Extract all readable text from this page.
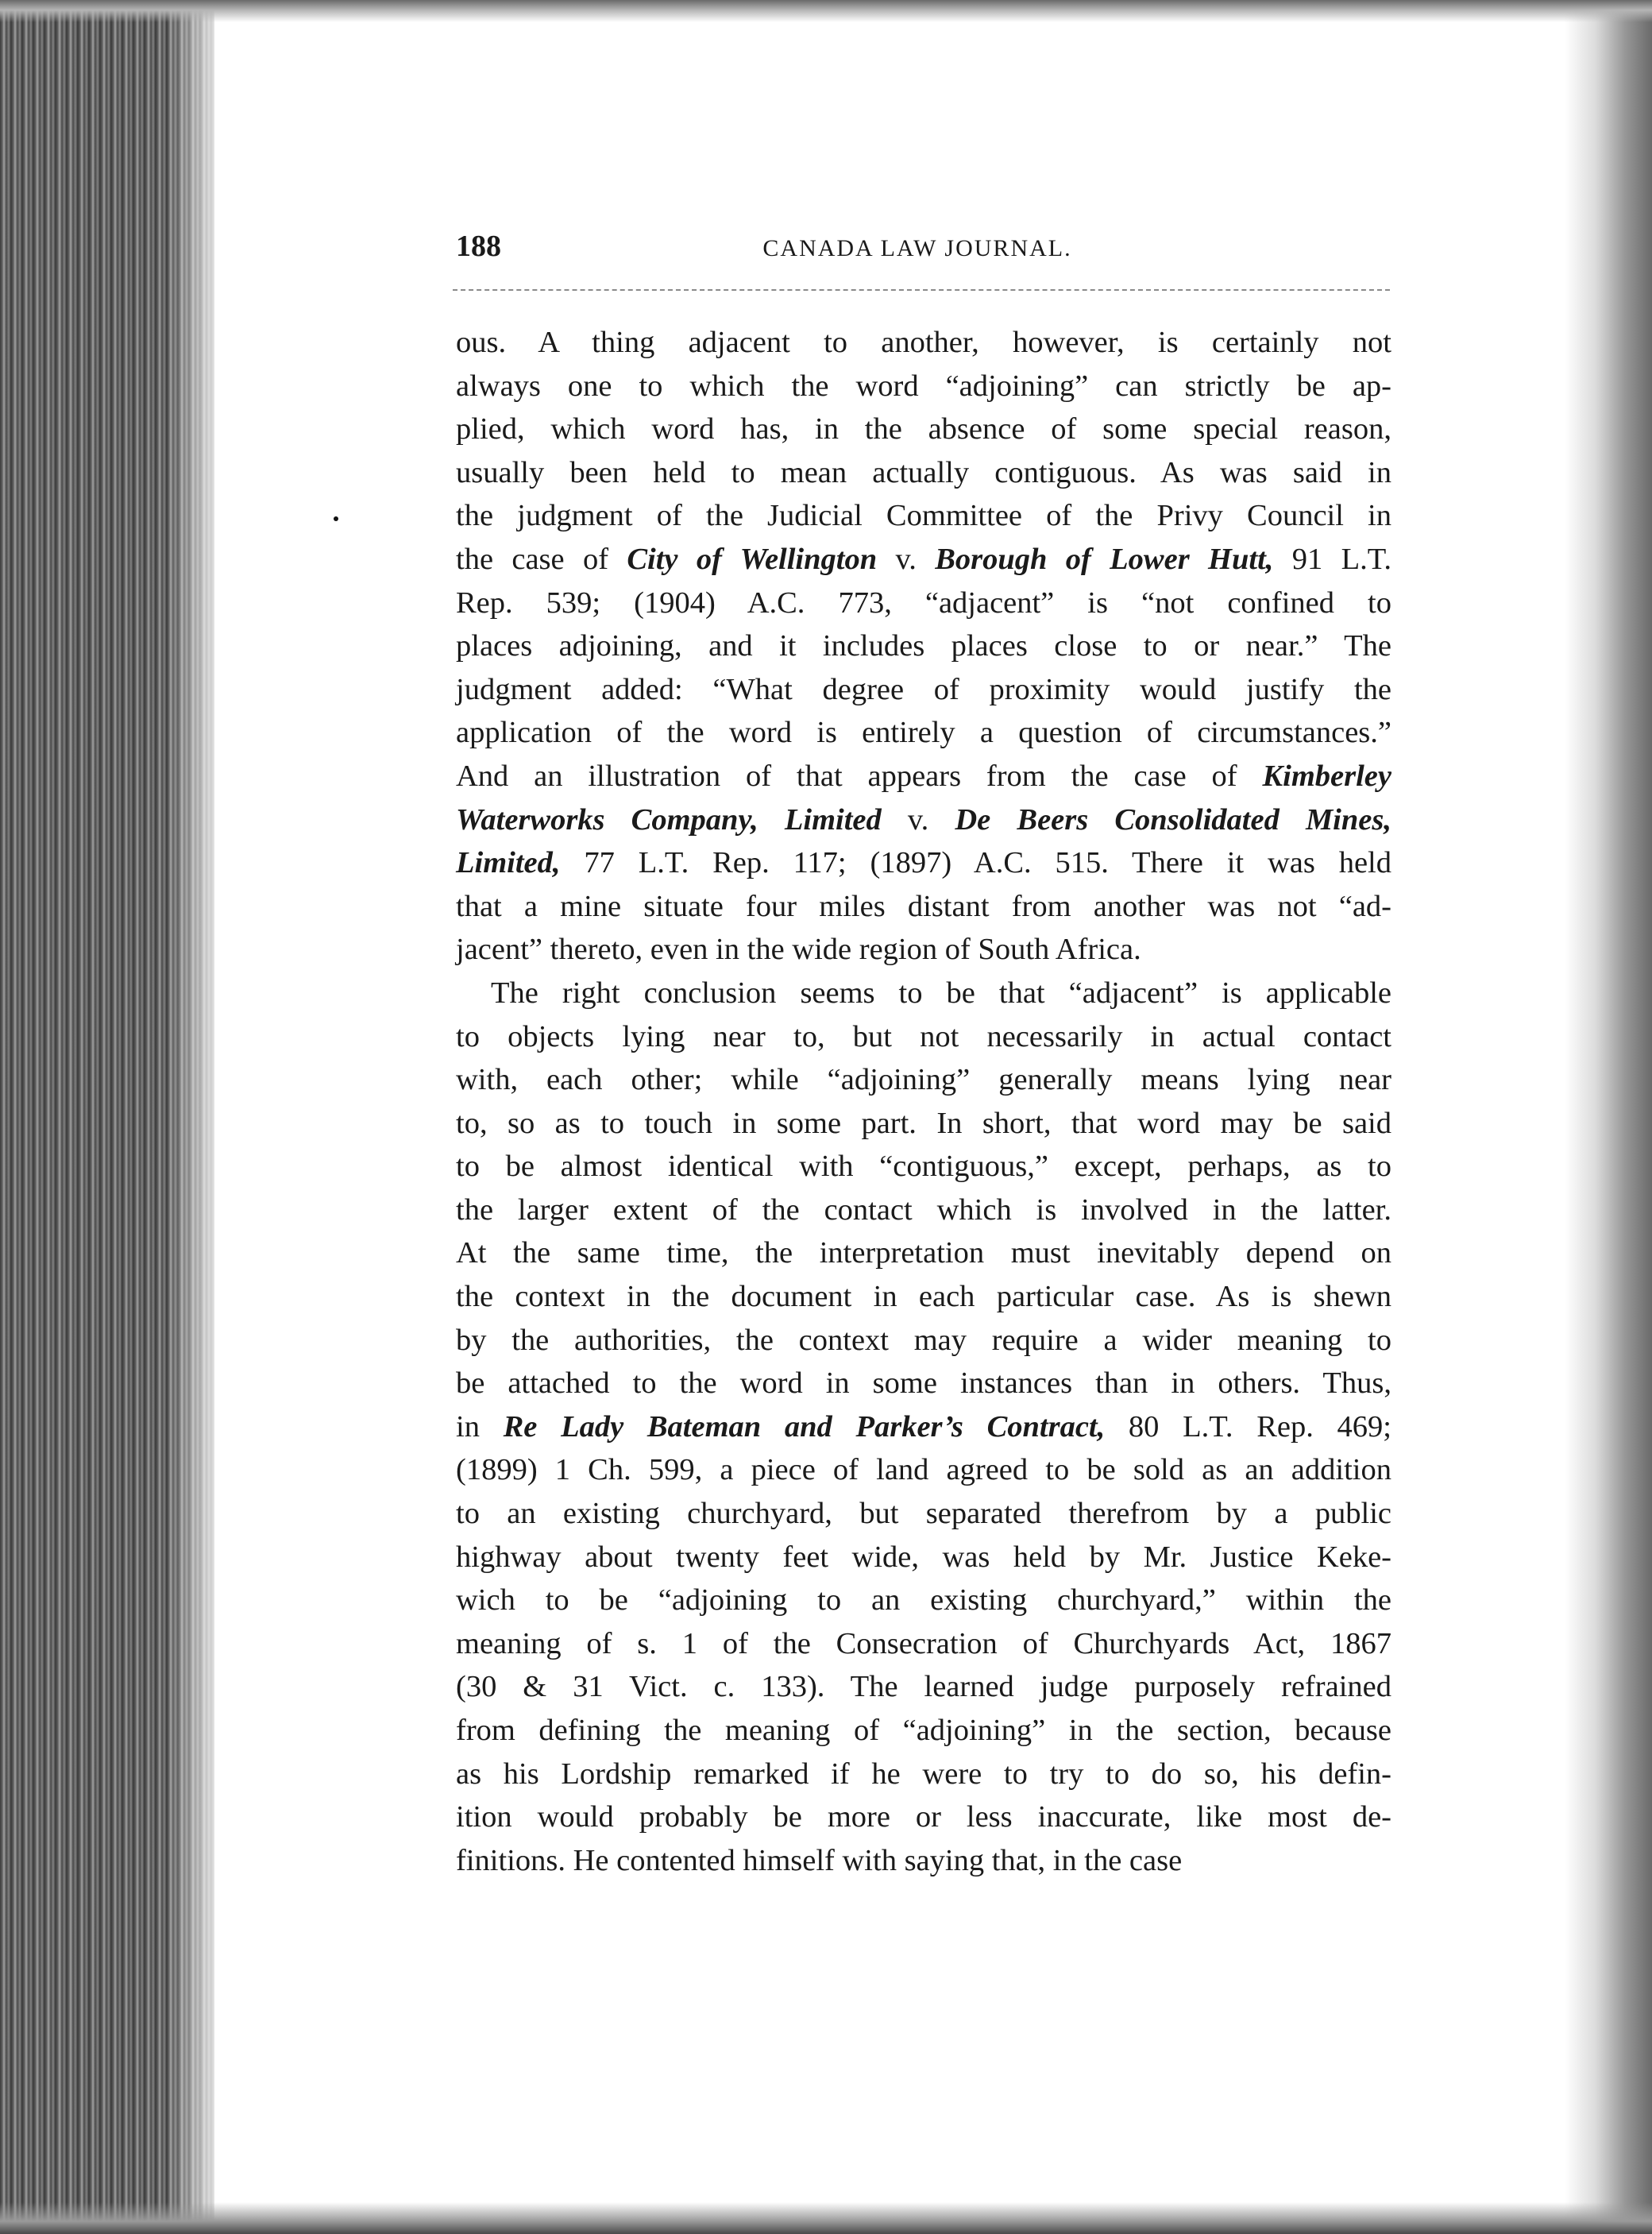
188	CANADA LAW JOURNAL.
ous. A thing adjacent to another, however, is certainly not
always one to which the word “adjoining” can strictly be ap-
plied, which word has, in the absence of some special reason,
usually been held to mean actually contiguous. As was said in
the judgment of the Judicial Committee of the Privy Council in
the case of City of Wellington v. Borough of Lower Hutt, 91 L.T.
Rep. 539; (1904) A.C. 773, “adjacent” is “not confined to
places adjoining, and it includes places close to or near.” The
judgment added: “What degree of proximity would justify the
application of the word is entirely a question of circumstances.”
And an illustration of that appears from the case of Kimberley
Waterworks Company, Limited v. De Beers Consolidated Mines,
Limited, 77 L.T. Rep. 117; (1897) A.C. 515. There it was held
that a mine situate four miles distant from another was not “ad-
jacent” thereto, even in the wide region of South Africa.
The right conclusion seems to be that “adjacent” is applicable
to objects lying near to, but not necessarily in actual contact
with, each other; while “adjoining” generally means lying near
to, so as to touch in some part. In short, that word may be said
to be almost identical with “contiguous,” except, perhaps, as to
the larger extent of the contact which is involved in the latter.
At the same time, the interpretation must inevitably depend on
the context in the document in each particular case. As is shewn
by the authorities, the context may require a wider meaning to
be attached to the word in some instances than in others. Thus,
in Re Lady Bateman and Parker’s Contract, 80 L.T. Rep. 469;
(1899) 1 Ch. 599, a piece of land agreed to be sold as an addition
to an existing churchyard, but separated therefrom by a public
highway about twenty feet wide, was held by Mr. Justice Keke-
wich to be “adjoining to an existing churchyard,” within the
meaning of s. 1 of the Consecration of Churchyards Act, 1867
(30 & 31 Vict. c. 133). The learned judge purposely refrained
from defining the meaning of “adjoining” in the section, because
as his Lordship remarked if he were to try to do so, his defin-
ition would probably be more or less inaccurate, like most de-
finitions. He contented himself with saying that, in the case
